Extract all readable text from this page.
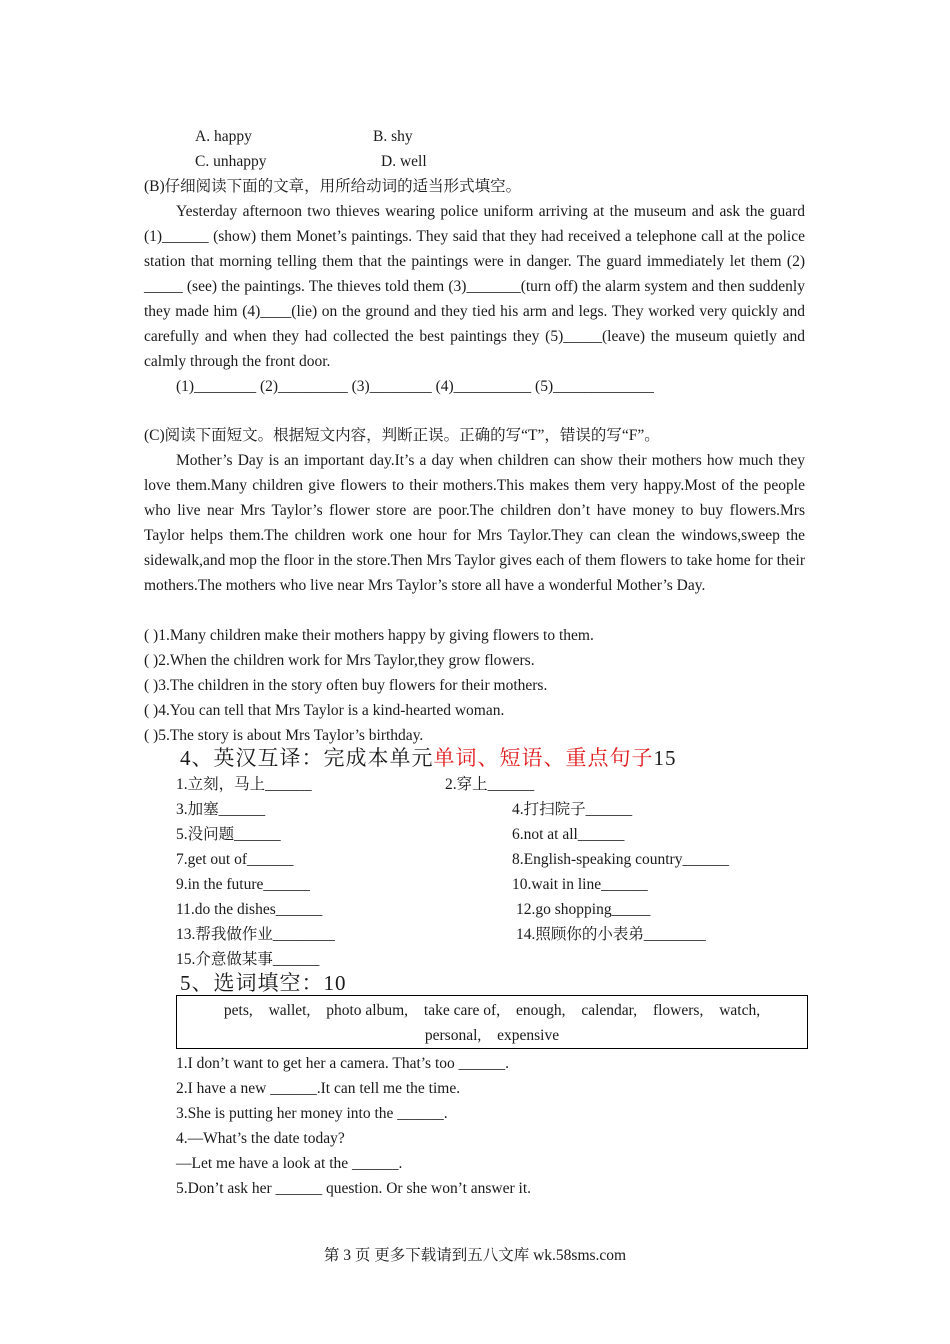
A. happy	B. shy
C. unhappy	D. well
(B)仔细阅读下面的文章，用所给动词的适当形式填空。
Yesterday afternoon two thieves wearing police uniform arriving at the museum and ask the guard (1)______ (show) them Monet’s paintings. They said that they had received a telephone call at the police station that morning telling them that the paintings were in danger. The guard immediately let them (2) _____ (see) the paintings. The thieves told them (3)_______(turn off) the alarm system and then suddenly they made him (4)____(lie) on the ground and they tied his arm and legs. They worked very quickly and carefully and when they had collected the best paintings they (5)_____(leave) the museum quietly and calmly through the front door.
(1)________ (2)_________ (3)________ (4)__________ (5)_____________
(C)阅读下面短文。根据短文内容，判断正误。正确的写“T”，错误的写“F”。
Mother’s Day is an important day.It’s a day when children can show their mothers how much they love them.Many children give flowers to their mothers.This makes them very happy.Most of the people who live near Mrs Taylor’s flower store are poor.The children don’t have money to buy flowers.Mrs Taylor helps them.The children work one hour for Mrs Taylor.They can clean the windows,sweep the sidewalk,and mop the floor in the store.Then Mrs Taylor gives each of them flowers to take home for their mothers.The mothers who live near Mrs Taylor’s store all have a wonderful Mother’s Day.
( )1.Many children make their mothers happy by giving flowers to them.
( )2.When the children work for Mrs Taylor,they grow flowers.
( )3.The children in the story often buy flowers for their mothers.
( )4.You can tell that Mrs Taylor is a kind-hearted woman.
( )5.The story is about Mrs Taylor’s birthday.
4、英汉互译：完成本单元单词、短语、重点句子15
1.立刻，马上______	2.穿上______
3.加塞______	4.打扫院子______
5.没问题______	6.not at all______
7.get out of______	8.English-speaking country______
9.in the future______	10.wait in line______
11.do the dishes______	12.go shopping_____
13.帮我做作业________	14.照顾你的小表弟________
15.介意做某事______
5、选词填空：10
pets, wallet, photo album, take care of, enough, calendar, flowers, watch,
personal, expensive
1.I don’t want to get her a camera. That’s too ______.
2.I have a new ______.It can tell me the time.
3.She is putting her money into the ______.
4.—What’s the date today?
—Let me have a look at the ______.
5.Don’t ask her ______ question. Or she won’t answer it.
第 3 页 更多下载请到五八文库 wk.58sms.com
